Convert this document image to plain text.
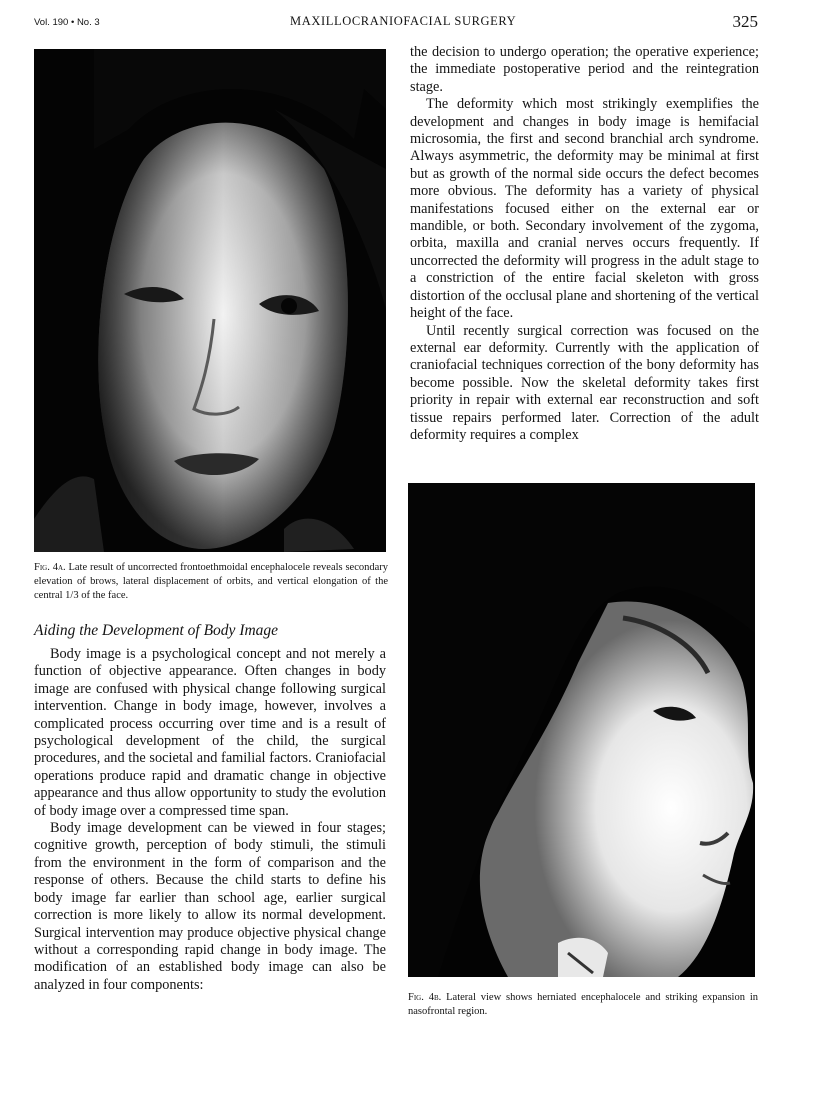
Vol. 190 • No. 3	MAXILLOCRANIOFACIAL SURGERY	325
Fig. 4a. Late result of uncorrected frontoethmoidal encephalocele reveals secondary elevation of brows, lateral displacement of orbits, and vertical elongation of the central 1/3 of the face.
Aiding the Development of Body Image

Body image is a psychological concept and not merely a function of objective appearance. Often changes in body image are confused with physical change following surgical intervention. Change in body image, however, involves a complicated process occurring over time and is a result of psychological development of the child, the surgical procedures, and the societal and familial factors. Craniofacial operations produce rapid and dramatic change in objective appearance and thus allow opportunity to study the evolution of body image over a compressed time span.

Body image development can be viewed in four stages; cognitive growth, perception of body stimuli, the stimuli from the environment in the form of comparison and the response of others. Because the child starts to define his body image far earlier than school age, earlier surgical correction is more likely to allow its normal development. Surgical intervention may produce objective physical change without a corresponding rapid change in body image. The modification of an established body image can also be analyzed in four components:

the decision to undergo operation; the operative experience; the immediate postoperative period and the reintegration stage.

The deformity which most strikingly exemplifies the development and changes in body image is hemifacial microsomia, the first and second branchial arch syndrome. Always asymmetric, the deformity may be minimal at first but as growth of the normal side occurs the defect becomes more obvious. The deformity has a variety of physical manifestations focused either on the external ear or mandible, or both. Secondary involvement of the zygoma, orbita, maxilla and cranial nerves occurs frequently. If uncorrected the deformity will progress in the adult stage to a constriction of the entire facial skeleton with gross distortion of the occlusal plane and shortening of the vertical height of the face.

Until recently surgical correction was focused on the external ear deformity. Currently with the application of craniofacial techniques correction of the bony deformity has become possible. Now the skeletal deformity takes first priority in repair with external ear reconstruction and soft tissue repairs performed later. Correction of the adult deformity requires a complex

Fig. 4b. Lateral view shows herniated encephalocele and striking expansion in nasofrontal region.
